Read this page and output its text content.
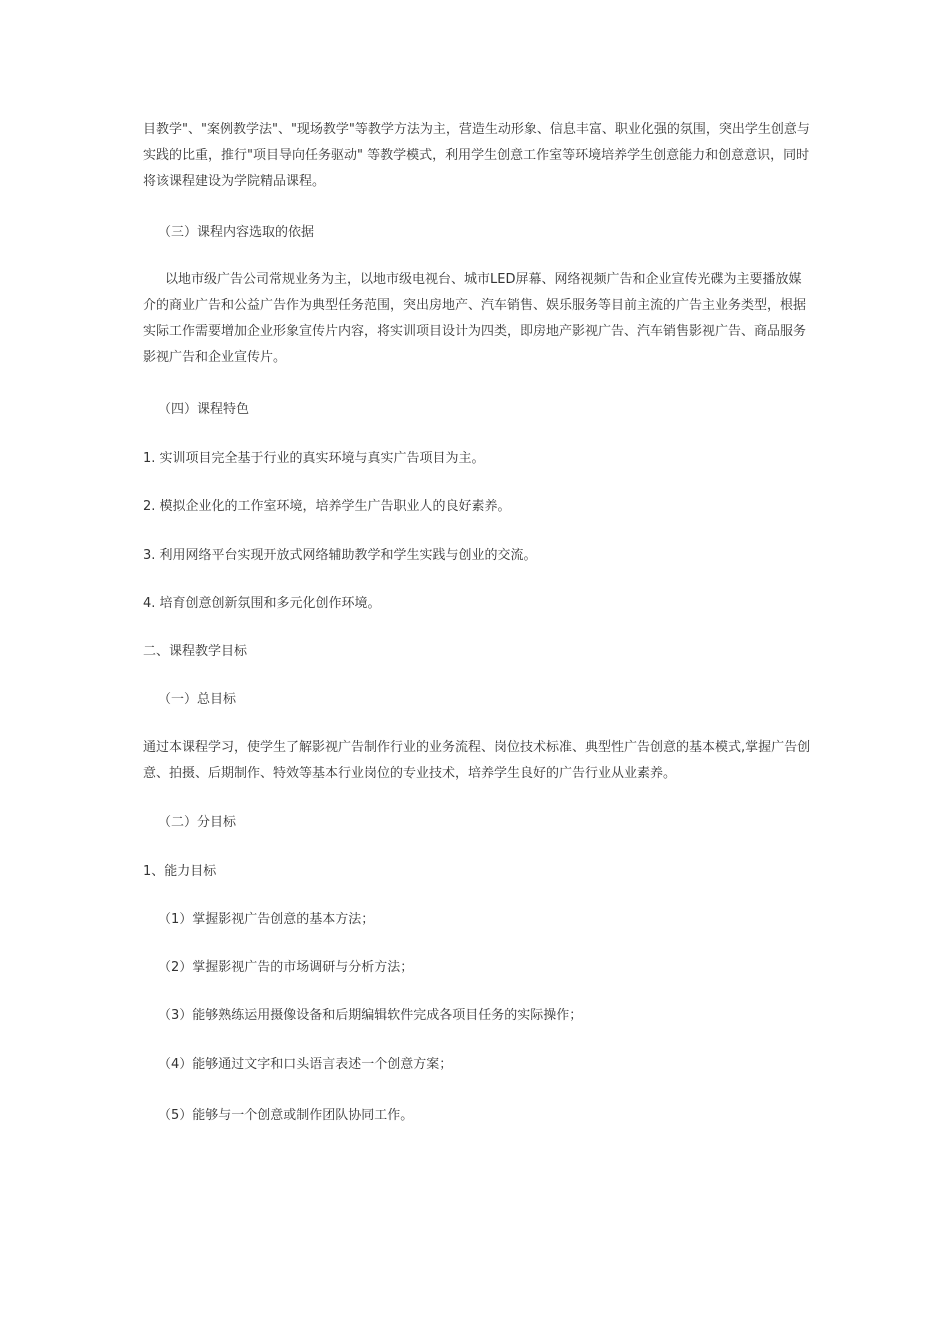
目教学"、"案例教学法"、"现场教学"等教学方法为主，营造生动形象、信息丰富、职业化强的氛围，突出学生创意与实践的比重，推行"项目导向任务驱动" 等教学模式，利用学生创意工作室等环境培养学生创意能力和创意意识，同时将该课程建设为学院精品课程。
（三）课程内容选取的依据
以地市级广告公司常规业务为主，以地市级电视台、城市LED屏幕、网络视频广告和企业宣传光碟为主要播放媒介的商业广告和公益广告作为典型任务范围，突出房地产、汽车销售、娱乐服务等目前主流的广告主业务类型，根据实际工作需要增加企业形象宣传片内容，将实训项目设计为四类，即房地产影视广告、汽车销售影视广告、商品服务影视广告和企业宣传片。
（四）课程特色
1. 实训项目完全基于行业的真实环境与真实广告项目为主。
2. 模拟企业化的工作室环境，培养学生广告职业人的良好素养。
3. 利用网络平台实现开放式网络辅助教学和学生实践与创业的交流。
4. 培育创意创新氛围和多元化创作环境。
二、课程教学目标
（一）总目标
通过本课程学习，使学生了解影视广告制作行业的业务流程、岗位技术标准、典型性广告创意的基本模式,掌握广告创意、拍摄、后期制作、特效等基本行业岗位的专业技术，培养学生良好的广告行业从业素养。
（二）分目标
1、能力目标
（1）掌握影视广告创意的基本方法；
（2）掌握影视广告的市场调研与分析方法；
（3）能够熟练运用摄像设备和后期编辑软件完成各项目任务的实际操作；
（4）能够通过文字和口头语言表述一个创意方案；
（5）能够与一个创意或制作团队协同工作。
